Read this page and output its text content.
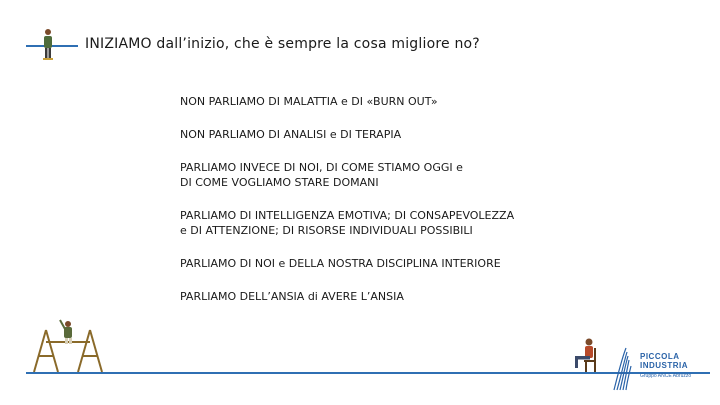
INIZIAMO dall’inizio, che è sempre la cosa migliore no?

NON PARLIAMO DI MALATTIA e DI «BURN OUT»

NON PARLIAMO DI ANALISI e DI TERAPIA

PARLIAMO INVECE DI NOI, DI COME STIAMO OGGI e
DI COME VOGLIAMO STARE DOMANI

PARLIAMO DI INTELLIGENZA EMOTIVA; DI CONSAPEVOLEZZA
e DI ATTENZIONE; DI RISORSE INDIVIDUALI POSSIBILI

PARLIAMO DI NOI e DELLA NOSTRA DISCIPLINA INTERIORE

PARLIAMO DELL’ANSIA di AVERE L’ANSIA

PICCOLA
INDUSTRIA
Gruppo ANCE Abruzzo
